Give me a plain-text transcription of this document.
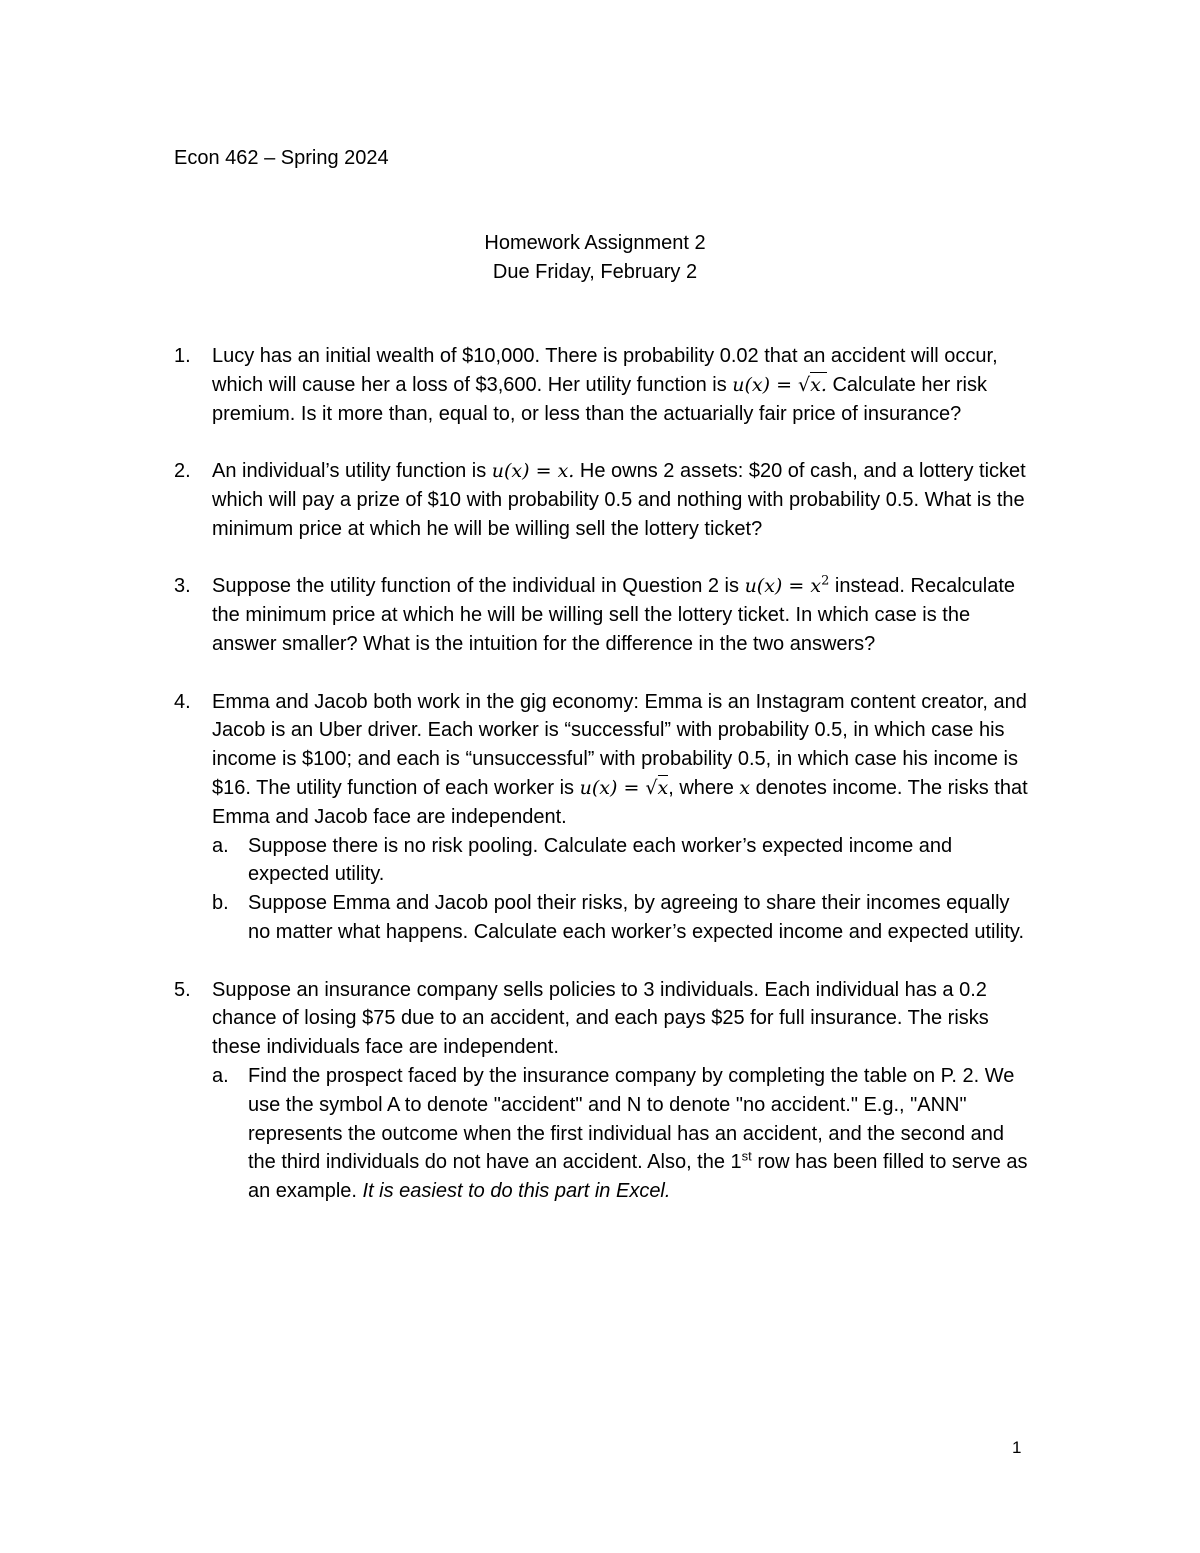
Econ 462 – Spring 2024
Homework Assignment 2
Due Friday, February 2
1. Lucy has an initial wealth of $10,000. There is probability 0.02 that an accident will occur, which will cause her a loss of $3,600. Her utility function is u(x) = √x. Calculate her risk premium. Is it more than, equal to, or less than the actuarially fair price of insurance?
2. An individual’s utility function is u(x) = x. He owns 2 assets: $20 of cash, and a lottery ticket which will pay a prize of $10 with probability 0.5 and nothing with probability 0.5. What is the minimum price at which he will be willing sell the lottery ticket?
3. Suppose the utility function of the individual in Question 2 is $u(x) = x^2$ instead. Recalculate the minimum price at which he will be willing sell the lottery ticket. In which case is the answer smaller? What is the intuition for the difference in the two answers?
4. Emma and Jacob both work in the gig economy: Emma is an Instagram content creator, and Jacob is an Uber driver. Each worker is “successful” with probability 0.5, in which case his income is $100; and each is “unsuccessful” with probability 0.5, in which case his income is $16. The utility function of each worker is u(x) = √x, where x denotes income. The risks that Emma and Jacob face are independent.
a. Suppose there is no risk pooling. Calculate each worker’s expected income and expected utility.
b. Suppose Emma and Jacob pool their risks, by agreeing to share their incomes equally no matter what happens. Calculate each worker’s expected income and expected utility.
5. Suppose an insurance company sells policies to 3 individuals. Each individual has a 0.2 chance of losing $75 due to an accident, and each pays $25 for full insurance. The risks these individuals face are independent.
a. Find the prospect faced by the insurance company by completing the table on P. 2. We use the symbol A to denote "accident" and N to denote "no accident." E.g., "ANN" represents the outcome when the first individual has an accident, and the second and the third individuals do not have an accident. Also, the 1st row has been filled to serve as an example. It is easiest to do this part in Excel.
1
